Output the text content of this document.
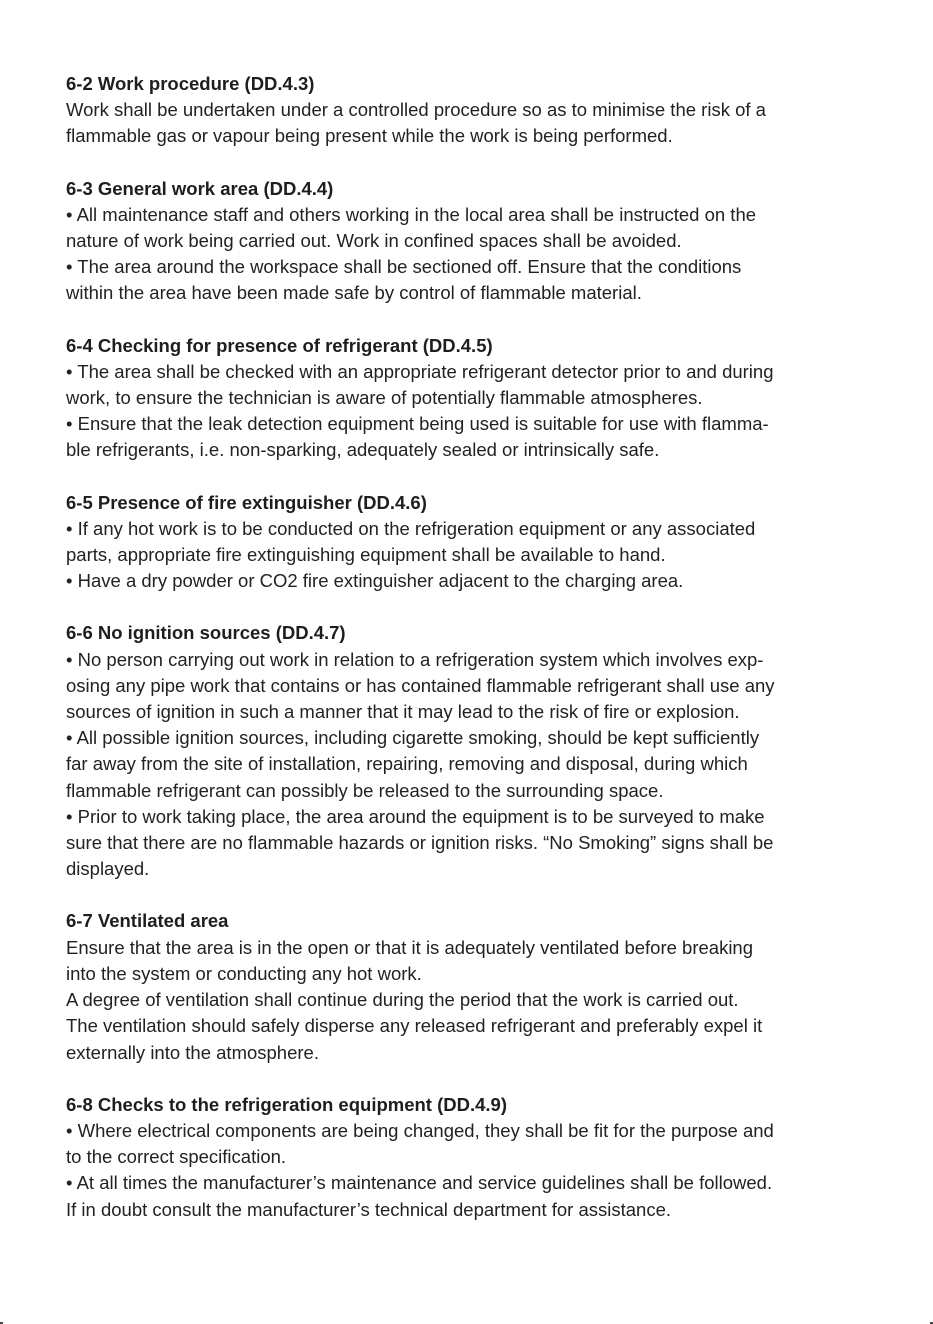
6-2 Work procedure (DD.4.3)

Work shall be undertaken under a controlled procedure so as to minimise the risk of a

flammable gas or vapour being present while the work is being performed.

6-3 General work area (DD.4.4)

• All maintenance staff and others working in the local area shall be instructed on the

nature of work being carried out. Work in confined spaces shall be avoided.

• The area around the workspace shall be sectioned off. Ensure that the conditions

within the area have been made safe by control of flammable material.

6-4 Checking for presence of refrigerant (DD.4.5)

• The area shall be checked with an appropriate refrigerant detector prior to and during

work, to ensure the technician is aware of potentially flammable atmospheres.

• Ensure that the leak detection equipment being used is suitable for use with flamma-

ble refrigerants, i.e. non-sparking, adequately sealed or intrinsically safe.

6-5 Presence of fire extinguisher (DD.4.6)

• If any hot work is to be conducted on the refrigeration equipment or any associated

parts, appropriate fire extinguishing equipment shall be available to hand.

• Have a dry powder or CO2 fire extinguisher adjacent to the charging area.

6-6 No ignition sources (DD.4.7)

• No person carrying out work in relation to a refrigeration system which involves exp-

osing any pipe work that contains or has contained flammable refrigerant shall use any

sources of ignition in such a manner that it may lead to the risk of fire or explosion.

• All possible ignition sources, including cigarette smoking, should be kept sufficiently

far away from the site of installation, repairing, removing and disposal, during which

flammable refrigerant can possibly be released to the surrounding space.

• Prior to work taking place, the area around the equipment is to be surveyed to make

sure that there are no flammable hazards or ignition risks. “No Smoking” signs shall be

displayed.

6-7 Ventilated area

Ensure that the area is in the open or that it is adequately ventilated before breaking

into the system or conducting any hot work.

A degree of ventilation shall continue during the period that the work is carried out.

The ventilation should safely disperse any released refrigerant and preferably expel it

externally into the atmosphere.

6-8 Checks to the refrigeration equipment (DD.4.9)

• Where electrical components are being changed, they shall be fit for the purpose and

to the correct specification.

• At all times the manufacturer’s maintenance and service guidelines shall be followed.

If in doubt consult the manufacturer’s technical department for assistance.
